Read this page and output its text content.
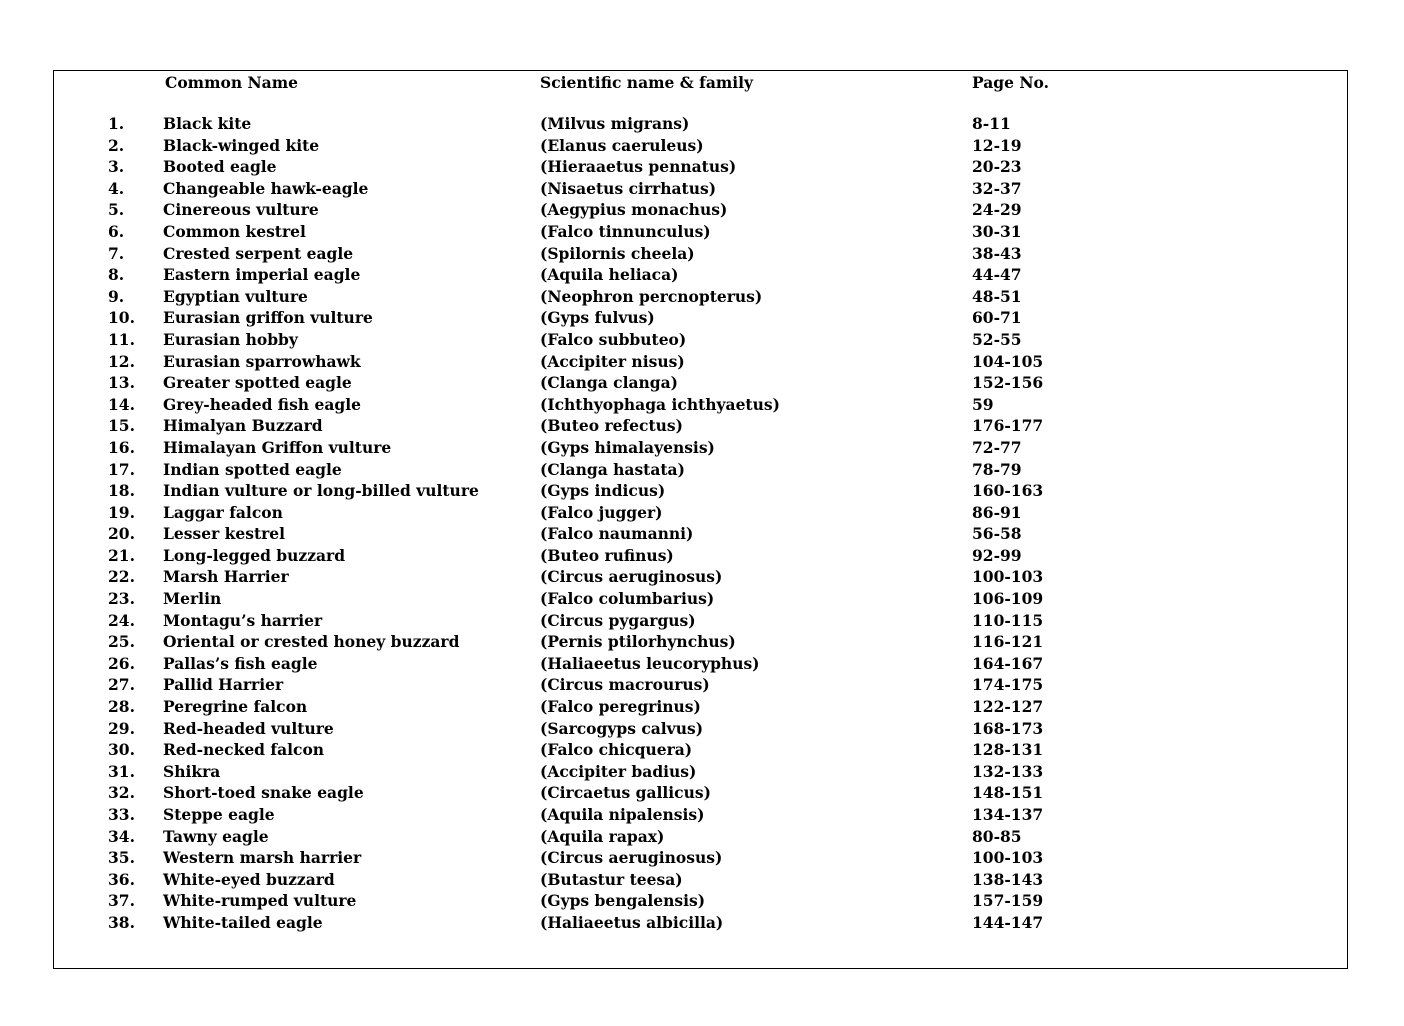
Common Name	Scientific name & family	Page No.
1.	Black kite	(Milvus migrans)	8-11
2.	Black-winged kite	(Elanus caeruleus)	12-19
3.	Booted eagle	(Hieraaetus pennatus)	20-23
4.	Changeable hawk-eagle	(Nisaetus cirrhatus)	32-37
5.	Cinereous vulture	(Aegypius monachus)	24-29
6.	Common kestrel	(Falco tinnunculus)	30-31
7.	Crested serpent eagle	(Spilornis cheela)	38-43
8.	Eastern imperial eagle	(Aquila heliaca)	44-47
9.	Egyptian vulture	(Neophron percnopterus)	48-51
10.	Eurasian griffon vulture	(Gyps fulvus)	60-71
11.	Eurasian hobby	(Falco subbuteo)	52-55
12.	Eurasian sparrowhawk	(Accipiter nisus)	104-105
13.	Greater spotted eagle	(Clanga clanga)	152-156
14.	Grey-headed fish eagle	(Ichthyophaga ichthyaetus)	59
15.	Himalyan Buzzard	(Buteo refectus)	176-177
16.	Himalayan Griffon vulture	(Gyps himalayensis)	72-77
17.	Indian spotted eagle	(Clanga hastata)	78-79
18.	Indian vulture or long-billed vulture	(Gyps indicus)	160-163
19.	Laggar falcon	(Falco jugger)	86-91
20.	Lesser kestrel	(Falco naumanni)	56-58
21.	Long-legged buzzard	(Buteo rufinus)	92-99
22.	Marsh Harrier	(Circus aeruginosus)	100-103
23.	Merlin	(Falco columbarius)	106-109
24.	Montagu’s harrier	(Circus pygargus)	110-115
25.	Oriental or crested honey buzzard	(Pernis ptilorhynchus)	116-121
26.	Pallas’s fish eagle	(Haliaeetus leucoryphus)	164-167
27.	Pallid Harrier	(Circus macrourus)	174-175
28.	Peregrine falcon	(Falco peregrinus)	122-127
29.	Red-headed vulture	(Sarcogyps calvus)	168-173
30.	Red-necked falcon	(Falco chicquera)	128-131
31.	Shikra	(Accipiter badius)	132-133
32.	Short-toed snake eagle	(Circaetus gallicus)	148-151
33.	Steppe eagle	(Aquila nipalensis)	134-137
34.	Tawny eagle	(Aquila rapax)	80-85
35.	Western marsh harrier	(Circus aeruginosus)	100-103
36.	White-eyed buzzard	(Butastur teesa)	138-143
37.	White-rumped vulture	(Gyps bengalensis)	157-159
38.	White-tailed eagle	(Haliaeetus albicilla)	144-147
